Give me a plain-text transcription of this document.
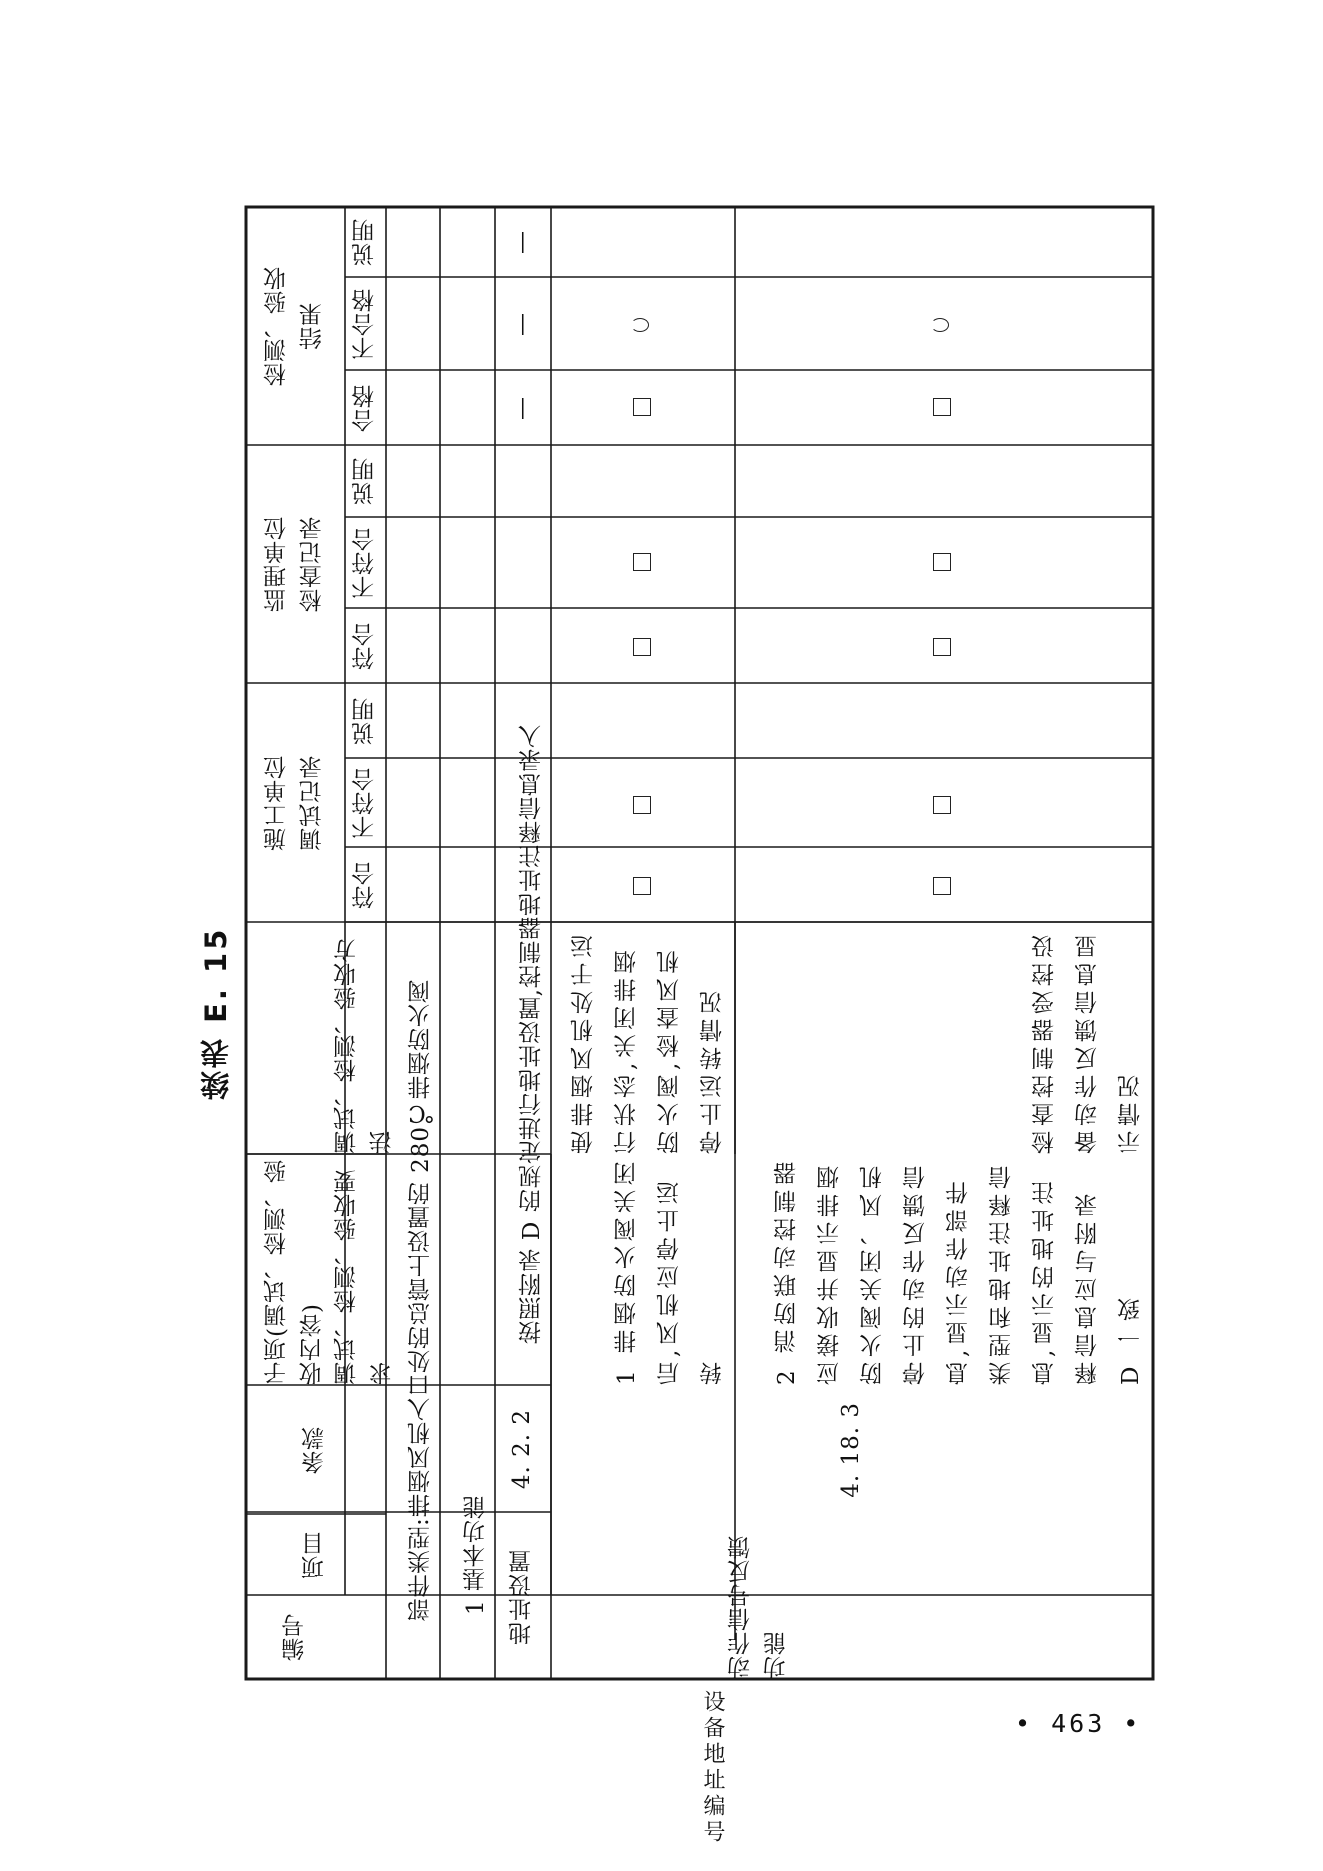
续表 E. 15
• 463 •
编号
项目
条款
子项(调试、检测、验收内容) 调试、检测、验收要求
调试、检测、验收方法
施工单位
调试记录
监理单位
检查记录
检测、验收
结果
符合
不符合
说明
符合
不符合
说明
合格
不合格
说明
部件类型:排烟风机入口处的总管上设置的 280℃排烟防火阀 1 基本功能 地址设置
4. 2. 2
按照附录 D 的规定进行地址设置,控制器地址注释信息录入
—
—
—
动作信号反馈功能
4. 18. 3
设备地址编号
1 排烟防火阀关闭后,风机应停止运转
使排烟风机处于运行状态,关闭排烟防火阀,检查风机停止运转情况
2 消防联动控制器应接收并显示排烟防火阀关闭、风机停止的动作反馈信息,显示动作部件类型和地址注释信息,显示的地址注释信息应与附录 D 一致
检查控制器受控设备动作反馈信息显示情况
